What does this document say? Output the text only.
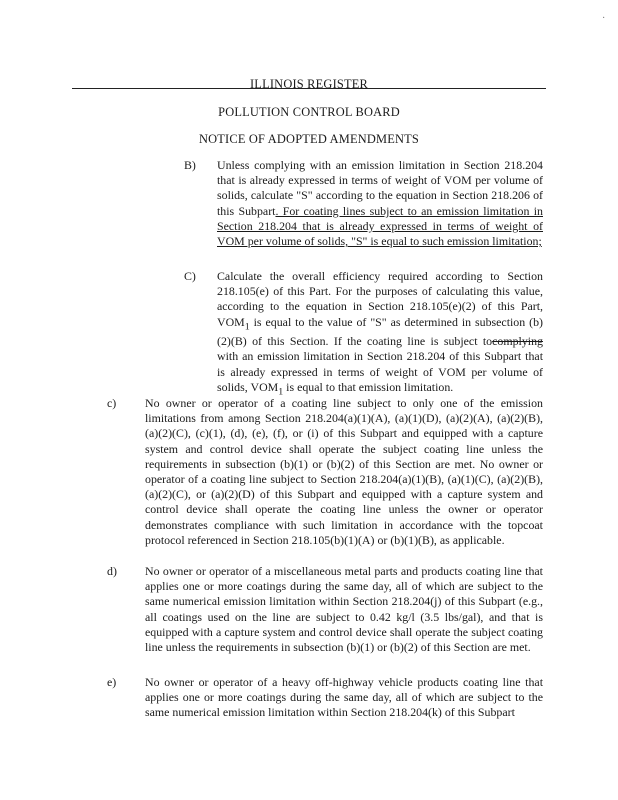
·
ILLINOIS REGISTER
POLLUTION CONTROL BOARD
NOTICE OF ADOPTED AMENDMENTS
B) Unless complying with an emission limitation in Section 218.204 that is already expressed in terms of weight of VOM per volume of solids, calculate "S" according to the equation in Section 218.206 of this Subpart. For coating lines subject to an emission limitation in Section 218.204 that is already expressed in terms of weight of VOM per volume of solids, "S" is equal to such emission limitation;
C) Calculate the overall efficiency required according to Section 218.105(e) of this Part. For the purposes of calculating this value, according to the equation in Section 218.105(e)(2) of this Part, $VOM_1$ is equal to the value of "S" as determined in subsection (b)(2)(B) of this Section. If the coating line is subject tocomplying with an emission limitation in Section 218.204 of this Subpart that is already expressed in terms of weight of VOM per volume of solids, $VOM_1$ is equal to that emission limitation.
c) No owner or operator of a coating line subject to only one of the emission limitations from among Section 218.204(a)(1)(A), (a)(1)(D), (a)(2)(A), (a)(2)(B), (a)(2)(C), (c)(1), (d), (e), (f), or (i) of this Subpart and equipped with a capture system and control device shall operate the subject coating line unless the requirements in subsection (b)(1) or (b)(2) of this Section are met. No owner or operator of a coating line subject to Section 218.204(a)(1)(B), (a)(1)(C), (a)(2)(B), (a)(2)(C), or (a)(2)(D) of this Subpart and equipped with a capture system and control device shall operate the coating line unless the owner or operator demonstrates compliance with such limitation in accordance with the topcoat protocol referenced in Section 218.105(b)(1)(A) or (b)(1)(B), as applicable.
d) No owner or operator of a miscellaneous metal parts and products coating line that applies one or more coatings during the same day, all of which are subject to the same numerical emission limitation within Section 218.204(j) of this Subpart (e.g., all coatings used on the line are subject to 0.42 kg/l (3.5 lbs/gal), and that is equipped with a capture system and control device shall operate the subject coating line unless the requirements in subsection (b)(1) or (b)(2) of this Section are met.
e) No owner or operator of a heavy off-highway vehicle products coating line that applies one or more coatings during the same day, all of which are subject to the same numerical emission limitation within Section 218.204(k) of this Subpart
